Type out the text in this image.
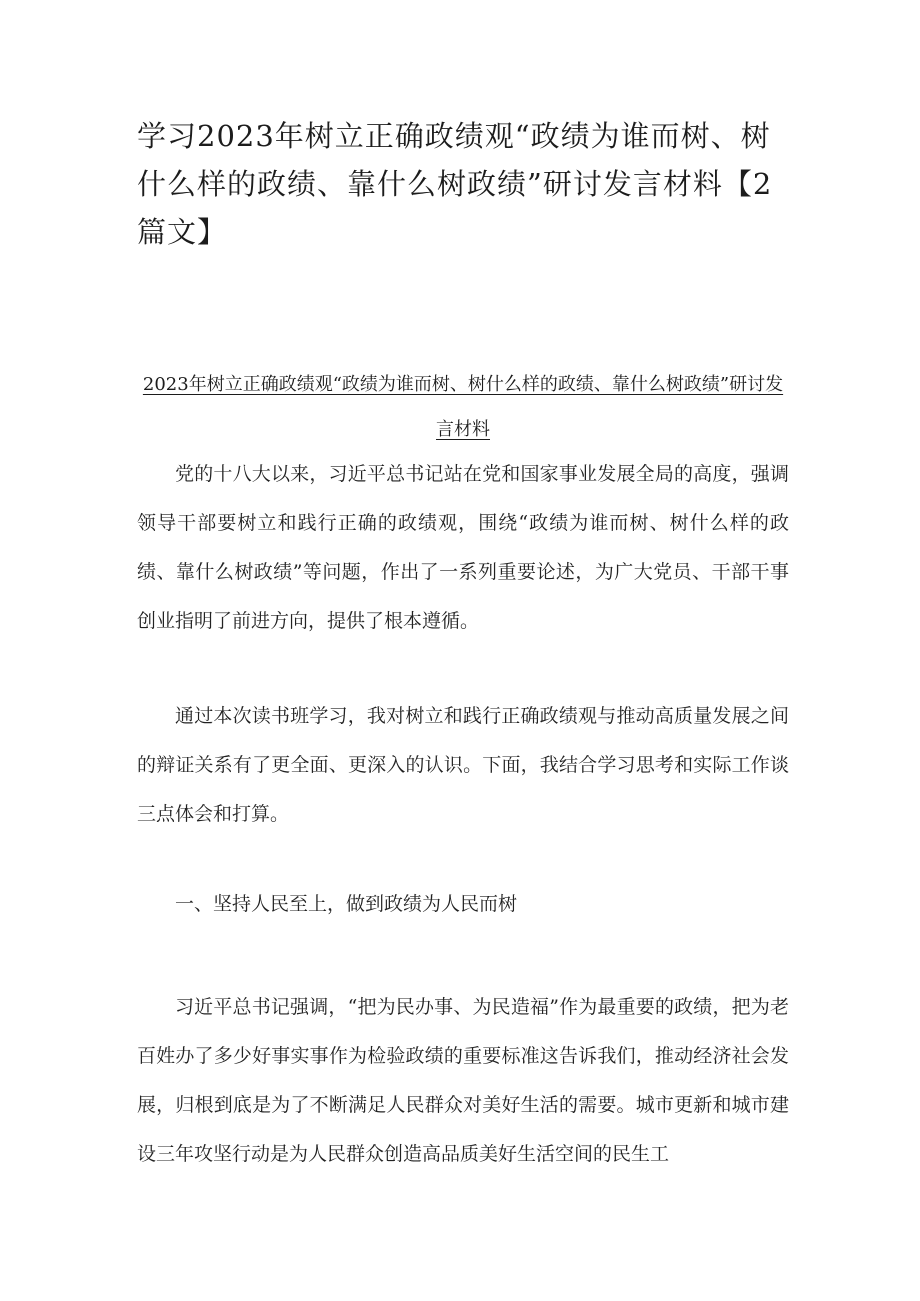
学习2023年树立正确政绩观“政绩为谁而树、树什么样的政绩、靠什么树政绩”研讨发言材料【2篇文】
2023年树立正确政绩观“政绩为谁而树、树什么样的政绩、靠什么树政绩”研讨发言材料

党的十八大以来，习近平总书记站在党和国家事业发展全局的高度，强调领导干部要树立和践行正确的政绩观，围绕“政绩为谁而树、树什么样的政绩、靠什么树政绩”等问题，作出了一系列重要论述，为广大党员、干部干事创业指明了前进方向，提供了根本遵循。

通过本次读书班学习，我对树立和践行正确政绩观与推动高质量发展之间的辩证关系有了更全面、更深入的认识。下面，我结合学习思考和实际工作谈三点体会和打算。

一、坚持人民至上，做到政绩为人民而树

习近平总书记强调，“把为民办事、为民造福”作为最重要的政绩，把为老百姓办了多少好事实事作为检验政绩的重要标准这告诉我们，推动经济社会发展，归根到底是为了不断满足人民群众对美好生活的需要。城市更新和城市建设三年攻坚行动是为人民群众创造高品质美好生活空间的民生工
